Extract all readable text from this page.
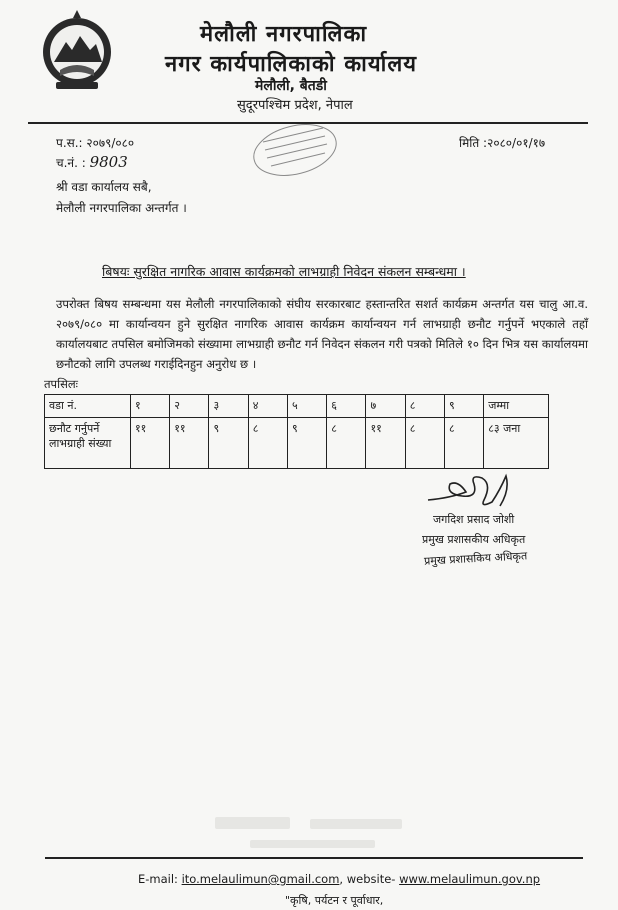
मेलौली नगरपालिका
नगर कार्यपालिकाको कार्यालय
मेलौली, बैतडी
सुदूरपश्चिम प्रदेश, नेपाल
प.स.: २०७९/०८०
च.नं. : 9803
मिति :२०८०/०१/१७
श्री वडा कार्यालय सबै,
मेलौली नगरपालिका अन्तर्गत ।
बिषयः सुरक्षित नागरिक आवास कार्यक्रमको लाभग्राही निवेदन संकलन सम्बन्धमा ।

उपरोक्त बिषय सम्बन्धमा यस मेलौली नगरपालिकाको संघीय सरकारबाट हस्तान्तरित सशर्त कार्यक्रम अन्तर्गत यस चालु आ.व. २०७९/०८० मा कार्यान्वयन हुने सुरक्षित नागरिक आवास कार्यक्रम कार्यान्वयन गर्न लाभग्राही छनौट गर्नुपर्ने भएकाले तहाँ कार्यालयबाट तपसिल बमोजिमको संख्यामा लाभग्राही छनौट गर्न निवेदन संकलन गरी पत्रको मितिले १० दिन भित्र यस कार्यालयमा छनौटको लागि उपलब्ध गराईदिनहुन अनुरोध छ ।

तपसिलः
वडा नं.	१	२	३	४	५	६	७	८	९	जम्मा
छनौट गर्नुपर्ने लाभग्राही संख्या	११	११	९	८	९	८	११	८	८	८३ जना
जगदिश प्रसाद जोशी
प्रमुख प्रशासकीय अधिकृत
प्रमुख प्रशासकिय अधिकृत
E-mail: ito.melaulimun@gmail.com, website- www.melaulimun.gov.np
"कृषि, पर्यटन र पूर्वाधार,
